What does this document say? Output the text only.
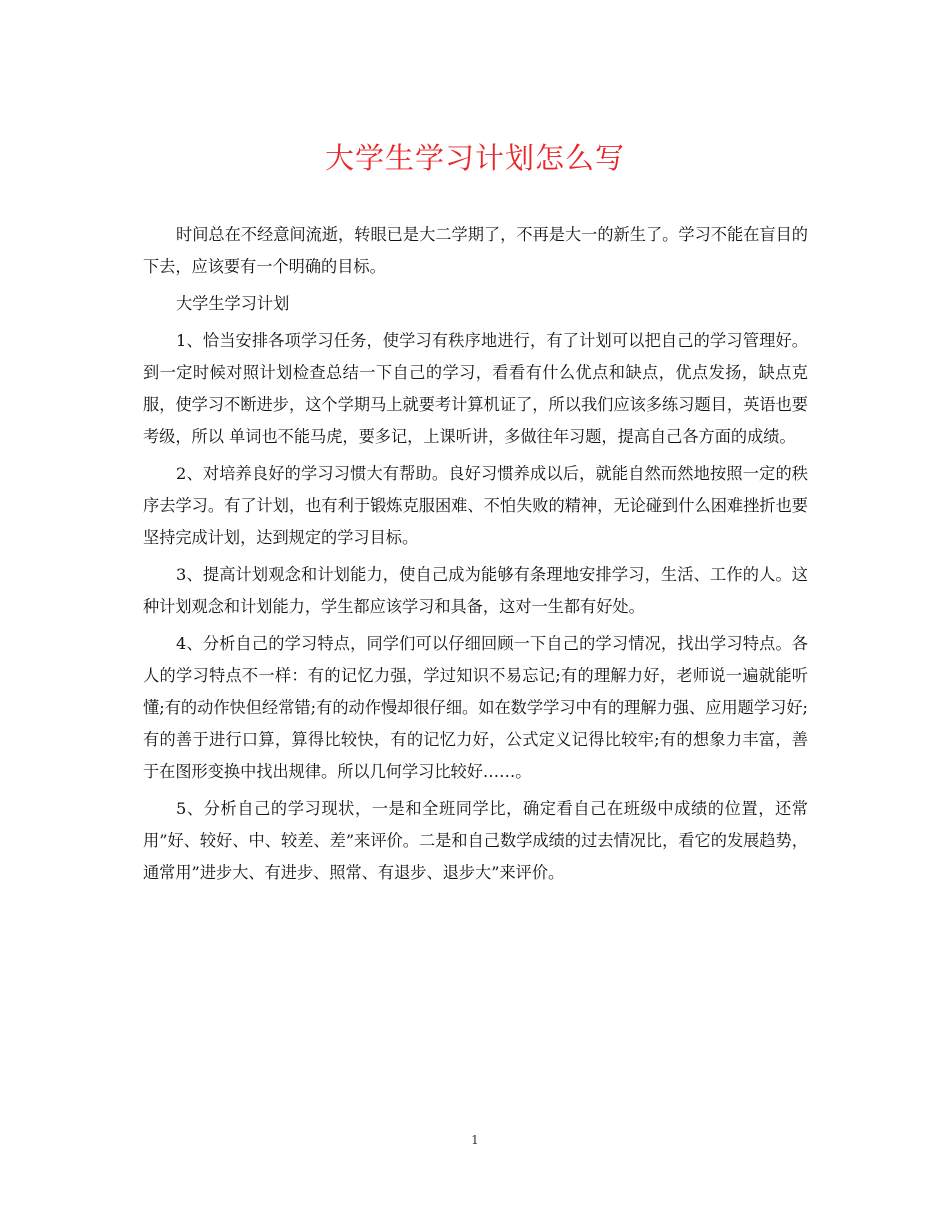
大学生学习计划怎么写

时间总在不经意间流逝，转眼已是大二学期了，不再是大一的新生了。学习不能在盲目的下去，应该要有一个明确的目标。

大学生学习计划

1、恰当安排各项学习任务，使学习有秩序地进行，有了计划可以把自己的学习管理好。到一定时候对照计划检查总结一下自己的学习，看看有什么优点和缺点，优点发扬，缺点克服，使学习不断进步，这个学期马上就要考计算机证了，所以我们应该多练习题目，英语也要考级，所以 单词也不能马虎，要多记，上课听讲，多做往年习题，提高自己各方面的成绩。

2、对培养良好的学习习惯大有帮助。良好习惯养成以后，就能自然而然地按照一定的秩序去学习。有了计划，也有利于锻炼克服困难、不怕失败的精神，无论碰到什么困难挫折也要坚持完成计划，达到规定的学习目标。

3、提高计划观念和计划能力，使自己成为能够有条理地安排学习，生活、工作的人。这种计划观念和计划能力，学生都应该学习和具备，这对一生都有好处。

4、分析自己的学习特点，同学们可以仔细回顾一下自己的学习情况，找出学习特点。各人的学习特点不一样：有的记忆力强，学过知识不易忘记;有的理解力好，老师说一遍就能听懂;有的动作快但经常错;有的动作慢却很仔细。如在数学学习中有的理解力强、应用题学习好;有的善于进行口算，算得比较快，有的记忆力好，公式定义记得比较牢;有的想象力丰富，善于在图形变换中找出规律。所以几何学习比较好……。

5、分析自己的学习现状，一是和全班同学比，确定看自己在班级中成绩的位置，还常用”好、较好、中、较差、差”来评价。二是和自己数学成绩的过去情况比，看它的发展趋势，通常用”进步大、有进步、照常、有退步、退步大”来评价。

1
